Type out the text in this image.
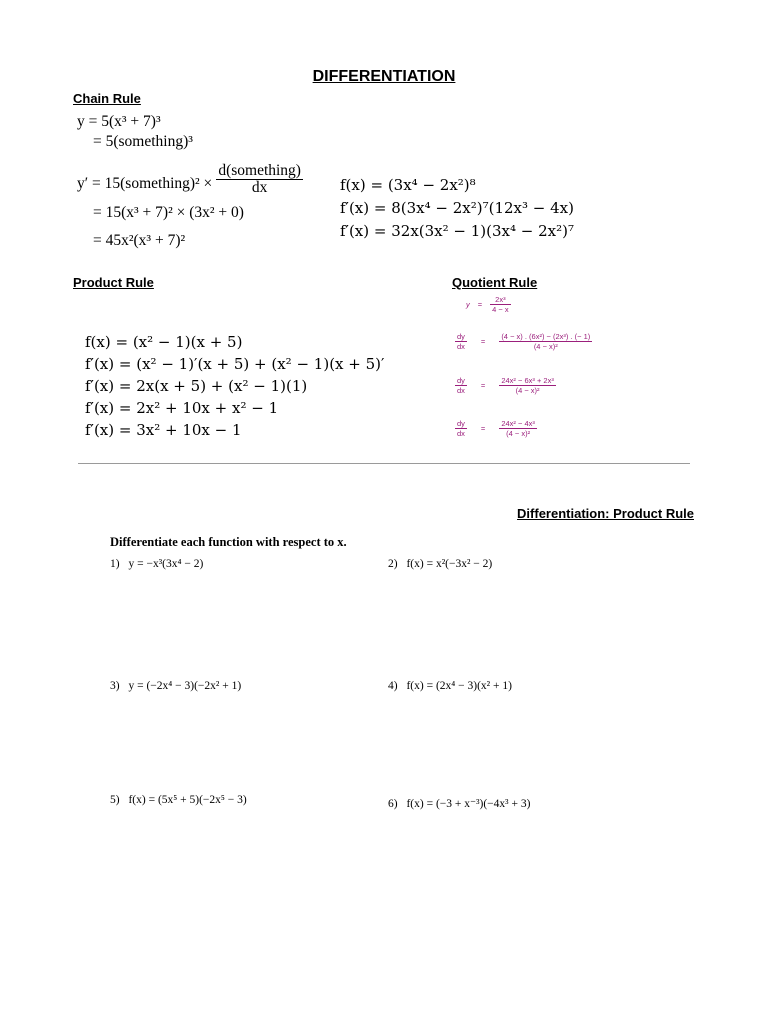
DIFFERENTIATION
Chain Rule
y = 5(x³ + 7)³
= 5(something)³
y′ = 15(something)² × $\frac{\text{d(something)}}{dx}$
= 15(x³ + 7)² × (3x² + 0)
= 45x²(x³ + 7)²
f(x) = (3x⁴ − 2x²)⁸
f′(x) = 8(3x⁴ − 2x²)⁷(12x³ − 4x)
f′(x) = 32x(3x² − 1)(3x⁴ − 2x²)⁷
Product Rule
f(x) = (x² − 1)(x + 5)
f′(x) = (x² − 1)′(x + 5) + (x² − 1)(x + 5)′
f′(x) = 2x(x + 5) + (x² − 1)(1)
f′(x) = 2x² + 10x + x² − 1
f′(x) = 3x² + 10x − 1
Quotient Rule
$y = \frac{\text{2x³}}{4 - x}$
$\frac{dy}{dx} = \frac{\text{(4 − x) . (6x²) − (2x³) . (− 1)}}{\text{(4 − x)²}}$
$\frac{dy}{dx} = \frac{\text{24x² − 6x³ + 2x³}}{\text{(4 − x)²}}$
$\frac{dy}{dx} = \frac{\text{24x² − 4x³}}{\text{(4 − x)²}}$
Differentiation: Product Rule
Differentiate each function with respect to x.
1) y = −x³(3x⁴ − 2)	2) f(x) = x²(−3x² − 2)
3) y = (−2x⁴ − 3)(−2x² + 1)	4) f(x) = (2x⁴ − 3)(x² + 1)
5) f(x) = (5x⁵ + 5)(−2x⁵ − 3)	6) f(x) = (−3 + x⁻³)(−4x³ + 3)
